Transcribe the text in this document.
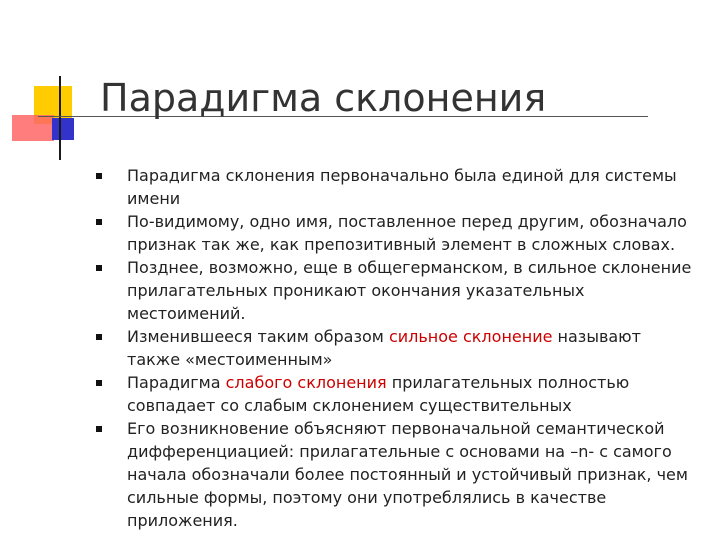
Парадигма склонения
Парадигма склонения первоначально была единой для системы имени
По-видимому, одно имя, поставленное перед другим, обозначало признак так же, как препозитивный элемент в сложных словах.
Позднее, возможно, еще в общегерманском, в сильное склонение прилагательных проникают окончания указательных местоимений.
Изменившееся таким образом сильное склонение называют также «местоименным»
Парадигма слабого склонения прилагательных полностью совпадает со слабым склонением существительных
Его возникновение объясняют первоначальной семантической дифференциацией: прилагательные с основами на –n- с самого начала обозначали более постоянный и устойчивый признак, чем сильные формы, поэтому они употреблялись в качестве приложения.
